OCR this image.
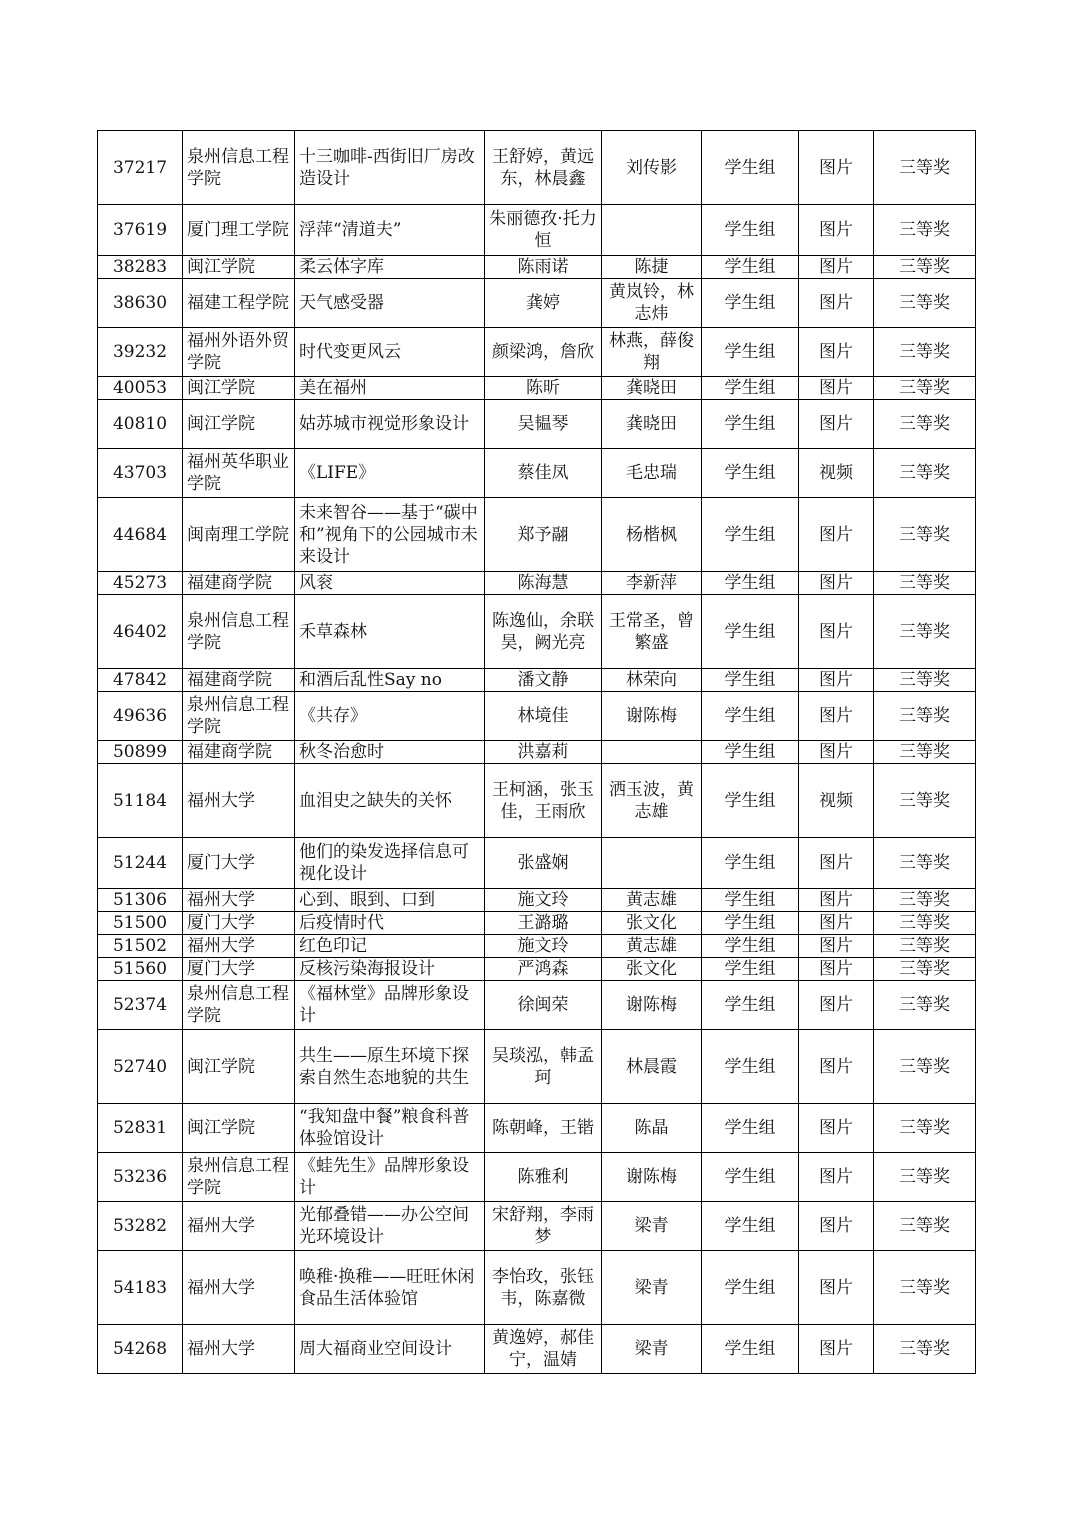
37217	泉州信息工程学院	十三咖啡-西街旧厂房改造设计	王舒婷，黄远东，林晨鑫	刘传影	学生组	图片	三等奖
37619	厦门理工学院	浮萍“清道夫”	朱丽德孜·托力恒		学生组	图片	三等奖
38283	闽江学院	柔云体字库	陈雨诺	陈捷	学生组	图片	三等奖
38630	福建工程学院	天气感受器	龚婷	黄岚铃，林志炜	学生组	图片	三等奖
39232	福州外语外贸学院	时代变更风云	颜梁鸿，詹欣	林燕，薛俊翔	学生组	图片	三等奖
40053	闽江学院	美在福州	陈昕	龚晓田	学生组	图片	三等奖
40810	闽江学院	姑苏城市视觉形象设计	吴韫琴	龚晓田	学生组	图片	三等奖
43703	福州英华职业学院	《LIFE》	蔡佳凤	毛忠瑞	学生组	视频	三等奖
44684	闽南理工学院	未来智谷——基于“碳中和”视角下的公园城市未来设计	郑予翮	杨楷枫	学生组	图片	三等奖
45273	福建商学院	风衮	陈海慧	李新萍	学生组	图片	三等奖
46402	泉州信息工程学院	禾草森林	陈逸仙，余联昊，阙光亮	王常圣，曾繁盛	学生组	图片	三等奖
47842	福建商学院	和酒后乱性Say no	潘文静	林荣向	学生组	图片	三等奖
49636	泉州信息工程学院	《共存》	林境佳	谢陈梅	学生组	图片	三等奖
50899	福建商学院	秋冬治愈时	洪嘉莉		学生组	图片	三等奖
51184	福州大学	血泪史之缺失的关怀	王柯涵，张玉佳，王雨欣	洒玉波，黄志雄	学生组	视频	三等奖
51244	厦门大学	他们的染发选择信息可视化设计	张盛娴		学生组	图片	三等奖
51306	福州大学	心到、眼到、口到	施文玲	黄志雄	学生组	图片	三等奖
51500	厦门大学	后疫情时代	王潞璐	张文化	学生组	图片	三等奖
51502	福州大学	红色印记	施文玲	黄志雄	学生组	图片	三等奖
51560	厦门大学	反核污染海报设计	严鸿森	张文化	学生组	图片	三等奖
52374	泉州信息工程学院	《福林堂》品牌形象设计	徐闽荣	谢陈梅	学生组	图片	三等奖
52740	闽江学院	共生——原生环境下探索自然生态地貌的共生	吴琰泓，韩孟珂	林晨霞	学生组	图片	三等奖
52831	闽江学院	“我知盘中餐”粮食科普体验馆设计	陈朝峰，王锴	陈晶	学生组	图片	三等奖
53236	泉州信息工程学院	《蛙先生》品牌形象设计	陈雅利	谢陈梅	学生组	图片	三等奖
53282	福州大学	光郁叠错——办公空间光环境设计	宋舒翔，李雨梦	梁青	学生组	图片	三等奖
54183	福州大学	唤稚·换稚——旺旺休闲食品生活体验馆	李怡玫，张钰韦，陈嘉微	梁青	学生组	图片	三等奖
54268	福州大学	周大福商业空间设计	黄逸婷，郝佳宁，温婧	梁青	学生组	图片	三等奖
